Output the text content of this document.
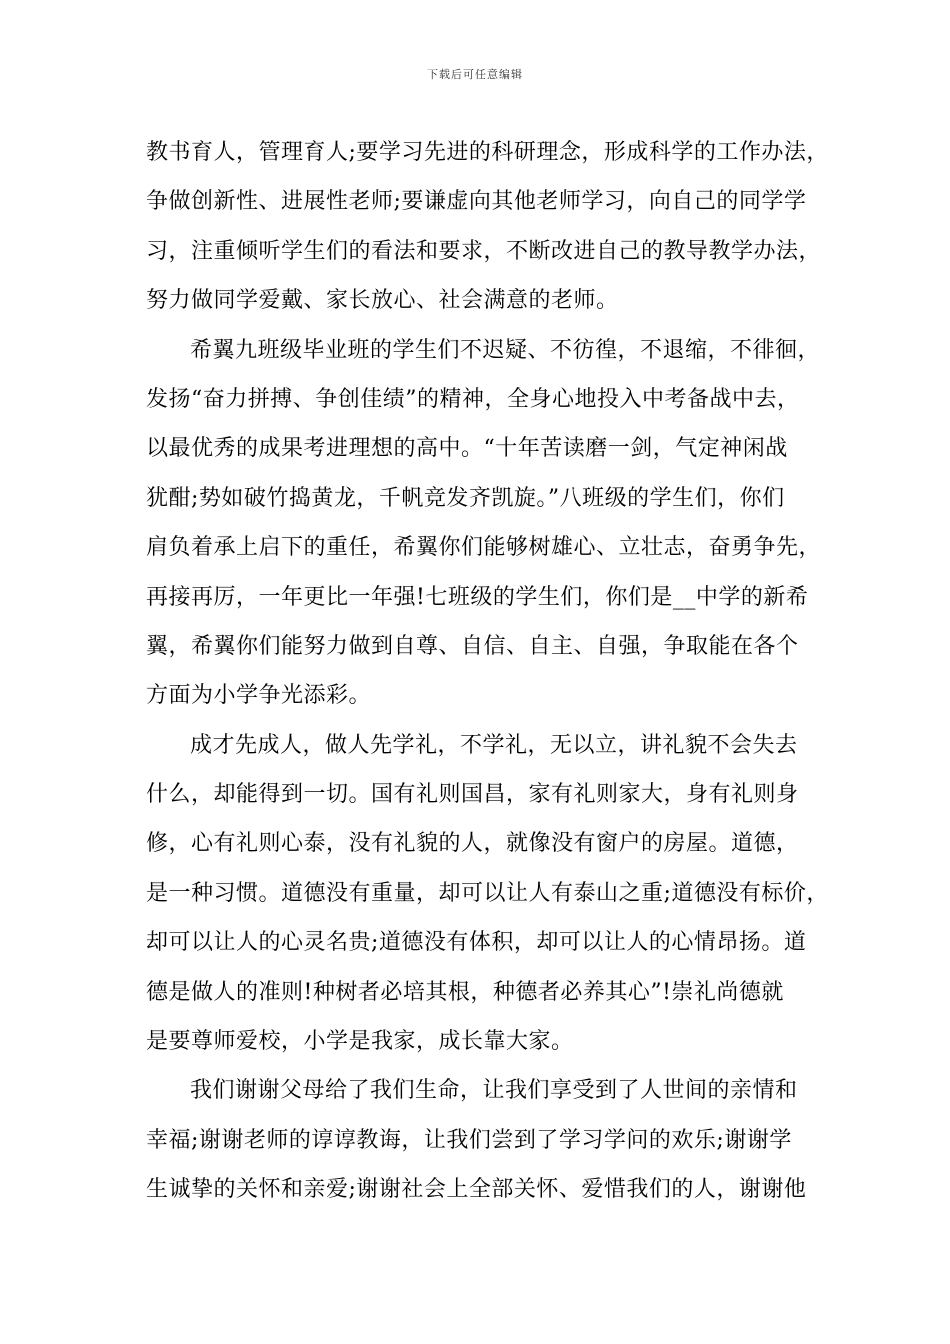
下载后可任意编辑
教书育人，管理育人;要学习先进的科研理念，形成科学的工作办法，
争做创新性、进展性老师;要谦虚向其他老师学习，向自己的同学学
习，注重倾听学生们的看法和要求，不断改进自己的教导教学办法，
努力做同学爱戴、家长放心、社会满意的老师。
希翼九班级毕业班的学生们不迟疑、不彷徨，不退缩，不徘徊，
发扬“奋力拼搏、争创佳绩”的精神，全身心地投入中考备战中去，
以最优秀的成果考进理想的高中。“十年苦读磨一剑，气定神闲战
犹酣;势如破竹捣黄龙，千帆竞发齐凯旋。”八班级的学生们，你们
肩负着承上启下的重任，希翼你们能够树雄心、立壮志，奋勇争先，
再接再厉，一年更比一年强!七班级的学生们，你们是__中学的新希
翼，希翼你们能努力做到自尊、自信、自主、自强，争取能在各个
方面为小学争光添彩。
成才先成人，做人先学礼，不学礼，无以立，讲礼貌不会失去
什么，却能得到一切。国有礼则国昌，家有礼则家大，身有礼则身
修，心有礼则心泰，没有礼貌的人，就像没有窗户的房屋。道德，
是一种习惯。道德没有重量，却可以让人有泰山之重;道德没有标价，
却可以让人的心灵名贵;道德没有体积，却可以让人的心情昂扬。道
德是做人的准则!种树者必培其根，种德者必养其心”!崇礼尚德就
是要尊师爱校，小学是我家，成长靠大家。
我们谢谢父母给了我们生命，让我们享受到了人世间的亲情和
幸福;谢谢老师的谆谆教诲，让我们尝到了学习学问的欢乐;谢谢学
生诚挚的关怀和亲爱;谢谢社会上全部关怀、爱惜我们的人，谢谢他
